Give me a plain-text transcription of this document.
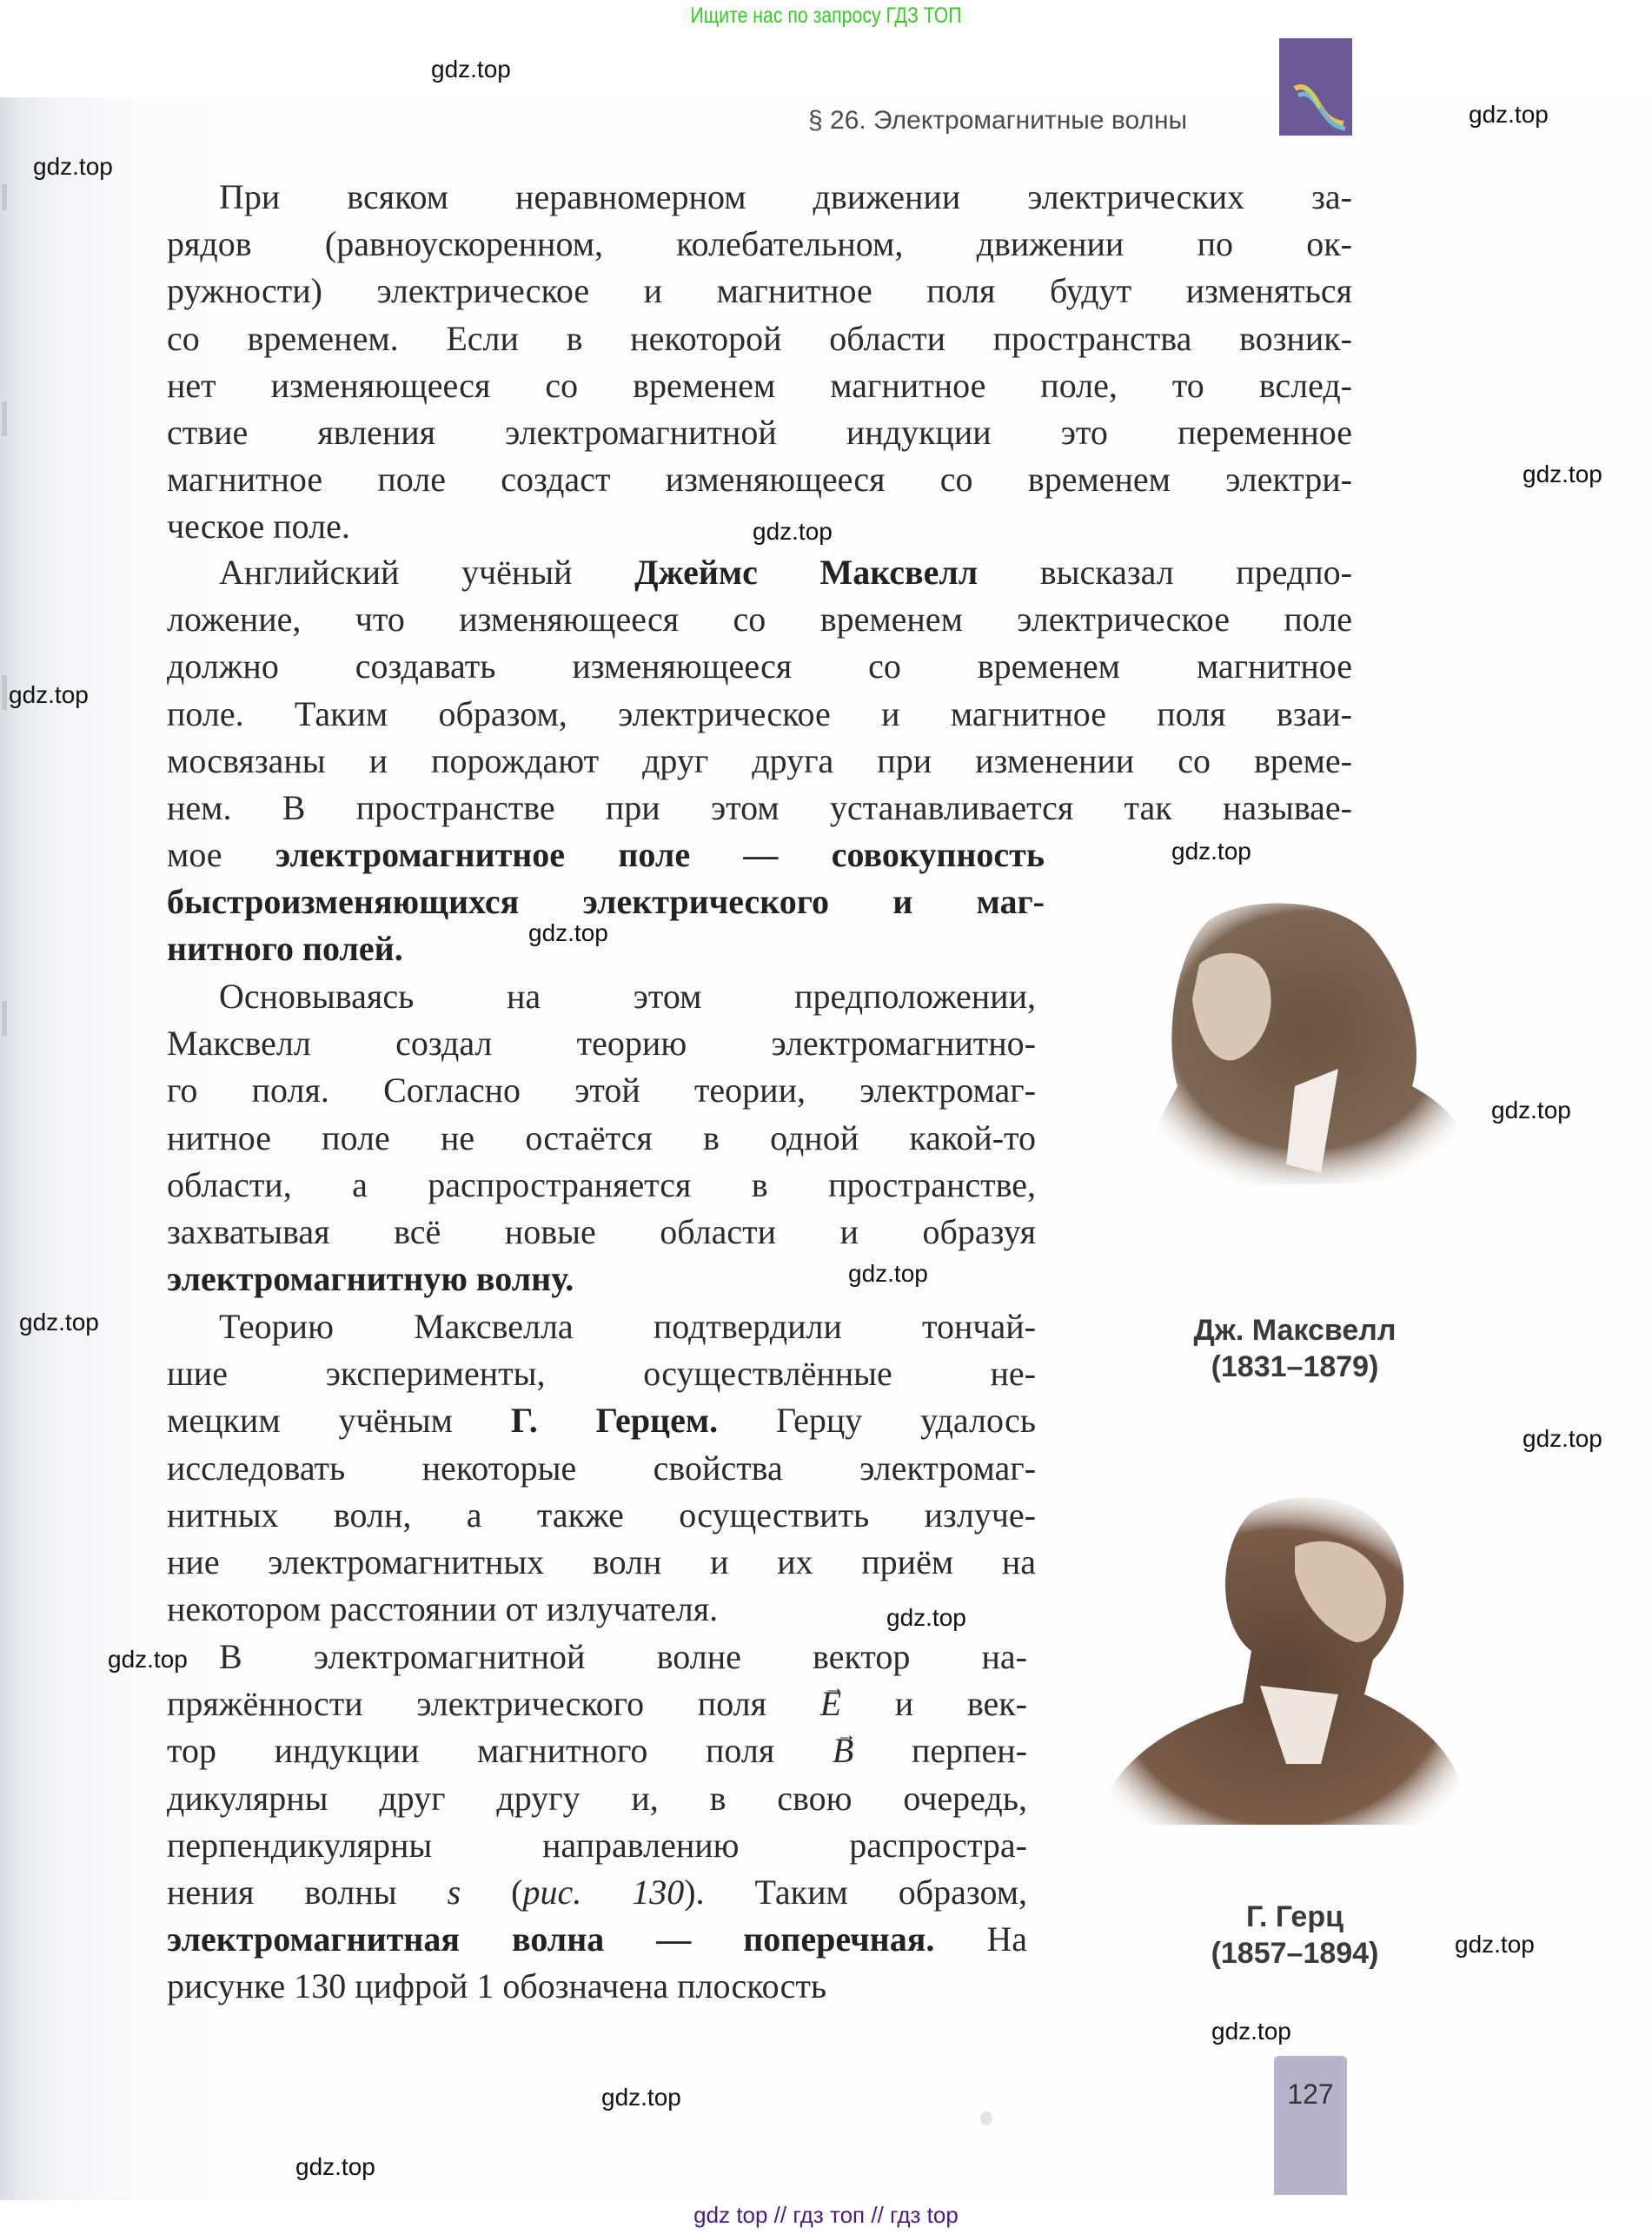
Ищите нас по запросу ГДЗ ТОП
§ 26. Электромагнитные волны
При всяком неравномерном движении электрических за-
рядов (равноускоренном, колебательном, движении по ок-
ружности) электрическое и магнитное поля будут изменяться
со временем. Если в некоторой области пространства возник-
нет изменяющееся со временем магнитное поле, то вслед-
ствие явления электромагнитной индукции это переменное
магнитное поле создаст изменяющееся со временем электри-
ческое поле.
Английский учёный Джеймс Максвелл высказал предпо-
ложение, что изменяющееся со временем электрическое поле
должно создавать изменяющееся со временем магнитное
поле. Таким образом, электрическое и магнитное поля взаи-
мосвязаны и порождают друг друга при изменении со време-
нем. В пространстве при этом устанавливается так называе-
мое электромагнитное поле — совокупность
быстроизменяющихся электрического и маг-
нитного полей.
Основываясь на этом предположении,
Максвелл создал теорию электромагнитно-
го поля. Согласно этой теории, электромаг-
нитное поле не остаётся в одной какой-то
области, а распространяется в пространстве,
захватывая всё новые области и образуя
электромагнитную волну.
Теорию Максвелла подтвердили тончай-
шие эксперименты, осуществлённые не-
мецким учёным Г. Герцем. Герцу удалось
исследовать некоторые свойства электромаг-
нитных волн, а также осуществить излуче-
ние электромагнитных волн и их приём на
некотором расстоянии от излучателя.
В электромагнитной волне вектор на-
пряжённости электрического поля → E и век-
тор индукции магнитного поля → B перпен-
дикулярны друг другу и, в свою очередь,
перпендикулярны направлению распростра-
нения волны s (рис. 130). Таким образом,
электромагнитная волна — поперечная. На
рисунке 130 цифрой 1 обозначена плоскость
Дж. Максвелл
(1831–1879)
Г. Герц
(1857–1894)
127
gdz.top
gdz.top
gdz.top
gdz.top
gdz.top
gdz.top
gdz.top
gdz.top
gdz.top
gdz.top
gdz.top
gdz.top
gdz.top
gdz.top
gdz.top
gdz.top
gdz.top
gdz.top
gdz top // гдз топ // гдз top
